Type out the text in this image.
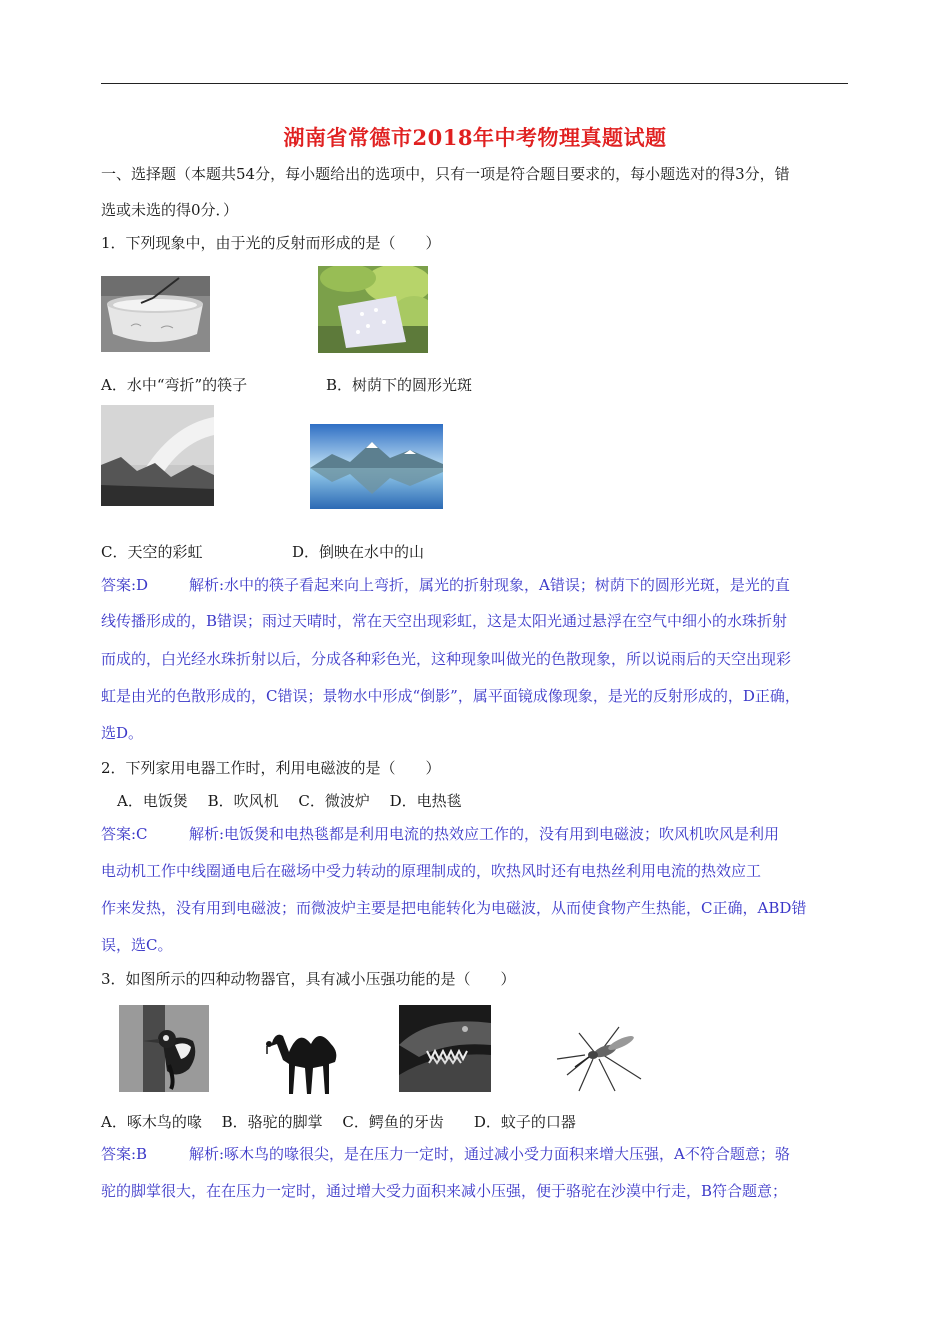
湖南省常德市2018年中考物理真题试题
一、选择题（本题共54分，每小题给出的选项中，只有一项是符合题目要求的，每小题选对的得3分，错
选或未选的得0分．）
1．下列现象中，由于光的反射而形成的是（　　）
A．水中“弯折”的筷子	B．树荫下的圆形光斑
C．天空的彩虹	D．倒映在水中的山
答案:D	解析:水中的筷子看起来向上弯折，属光的折射现象，A错误；树荫下的圆形光斑，是光的直
线传播形成的，B错误；雨过天晴时，常在天空出现彩虹，这是太阳光通过悬浮在空气中细小的水珠折射
而成的，白光经水珠折射以后，分成各种彩色光，这种现象叫做光的色散现象，所以说雨后的天空出现彩
虹是由光的色散形成的，C错误；景物水中形成“倒影”，属平面镜成像现象，是光的反射形成的，D正确，
选D。
2．下列家用电器工作时，利用电磁波的是（　　）
A．电饭煲　 B．吹风机　 C．微波炉　 D．电热毯
答案:C	解析:电饭煲和电热毯都是利用电流的热效应工作的，没有用到电磁波；吹风机吹风是利用
电动机工作中线圈通电后在磁场中受力转动的原理制成的，吹热风时还有电热丝利用电流的热效应工
作来发热，没有用到电磁波；而微波炉主要是把电能转化为电磁波，从而使食物产生热能，C正确，ABD错
误，选C。
3．如图所示的四种动物器官，具有减小压强功能的是（　　）
A．啄木鸟的喙　 B．骆驼的脚掌　 C．鳄鱼的牙齿　　D．蚊子的口器
答案:B	解析:啄木鸟的喙很尖，是在压力一定时，通过减小受力面积来增大压强，A不符合题意；骆
驼的脚掌很大，在在压力一定时，通过增大受力面积来减小压强，便于骆驼在沙漠中行走，B符合题意；
